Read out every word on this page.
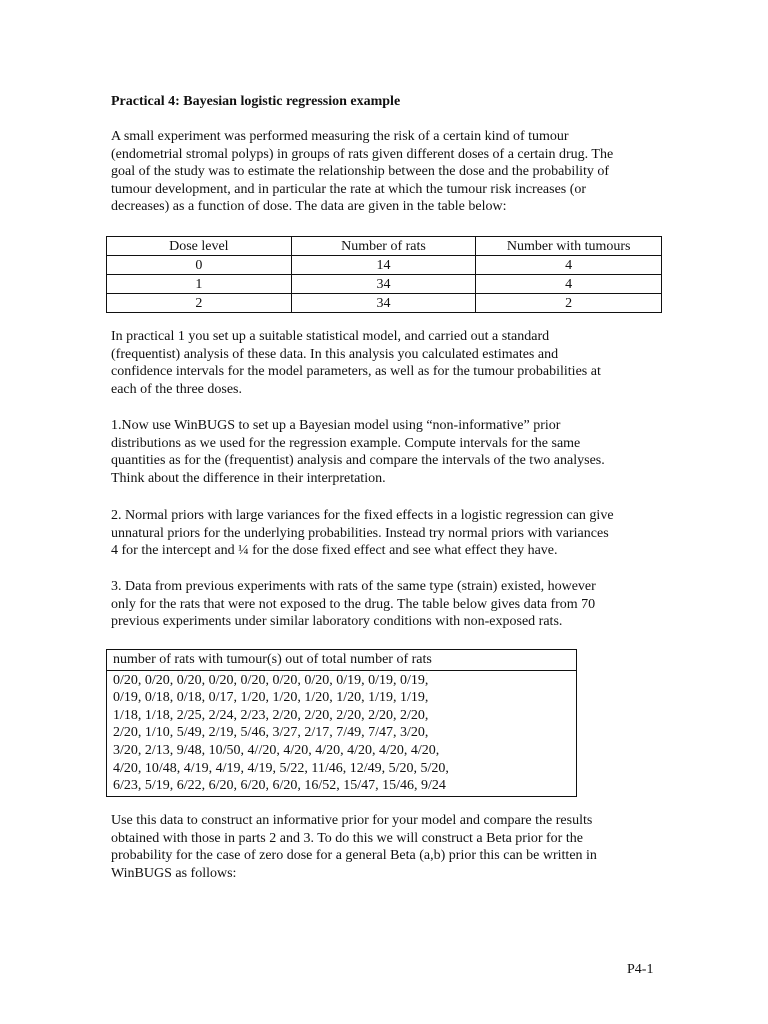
Practical 4: Bayesian logistic regression example
A small experiment was performed measuring the risk of a certain kind of tumour
(endometrial stromal polyps) in groups of rats given different doses of a certain drug. The
goal of the study was to estimate the relationship between the dose and the probability of
tumour development, and in particular the rate at which the tumour risk increases (or
decreases) as a function of dose. The data are given in the table below:
Dose level	Number of rats	Number with tumours
0	14	4
1	34	4
2	34	2
In practical 1 you set up a suitable statistical model, and carried out a standard
(frequentist) analysis of these data. In this analysis you calculated estimates and
confidence intervals for the model parameters, as well as for the tumour probabilities at
each of the three doses.
1.Now use WinBUGS to set up a Bayesian model using “non-informative” prior
distributions as we used for the regression example. Compute intervals for the same
quantities as for the (frequentist) analysis and compare the intervals of the two analyses.
Think about the difference in their interpretation.
2. Normal priors with large variances for the fixed effects in a logistic regression can give
unnatural priors for the underlying probabilities. Instead try normal priors with variances
4 for the intercept and ¼ for the dose fixed effect and see what effect they have.
3. Data from previous experiments with rats of the same type (strain) existed, however
only for the rats that were not exposed to the drug. The table below gives data from 70
previous experiments under similar laboratory conditions with non-exposed rats.
number of rats with tumour(s) out of total number of rats

0/20, 0/20, 0/20, 0/20, 0/20, 0/20, 0/20, 0/19, 0/19, 0/19,
0/19, 0/18, 0/18, 0/17, 1/20, 1/20, 1/20, 1/20, 1/19, 1/19,
1/18, 1/18, 2/25, 2/24, 2/23, 2/20, 2/20, 2/20, 2/20, 2/20,
2/20, 1/10, 5/49, 2/19, 5/46, 3/27, 2/17, 7/49, 7/47, 3/20,
3/20, 2/13, 9/48, 10/50, 4//20, 4/20, 4/20, 4/20, 4/20, 4/20,
4/20, 10/48, 4/19, 4/19, 4/19, 5/22, 11/46, 12/49, 5/20, 5/20,
6/23, 5/19, 6/22, 6/20, 6/20, 6/20, 16/52, 15/47, 15/46, 9/24
Use this data to construct an informative prior for your model and compare the results
obtained with those in parts 2 and 3. To do this we will construct a Beta prior for the
probability for the case of zero dose for a general Beta (a,b) prior this can be written in
WinBUGS as follows:
P4-1
